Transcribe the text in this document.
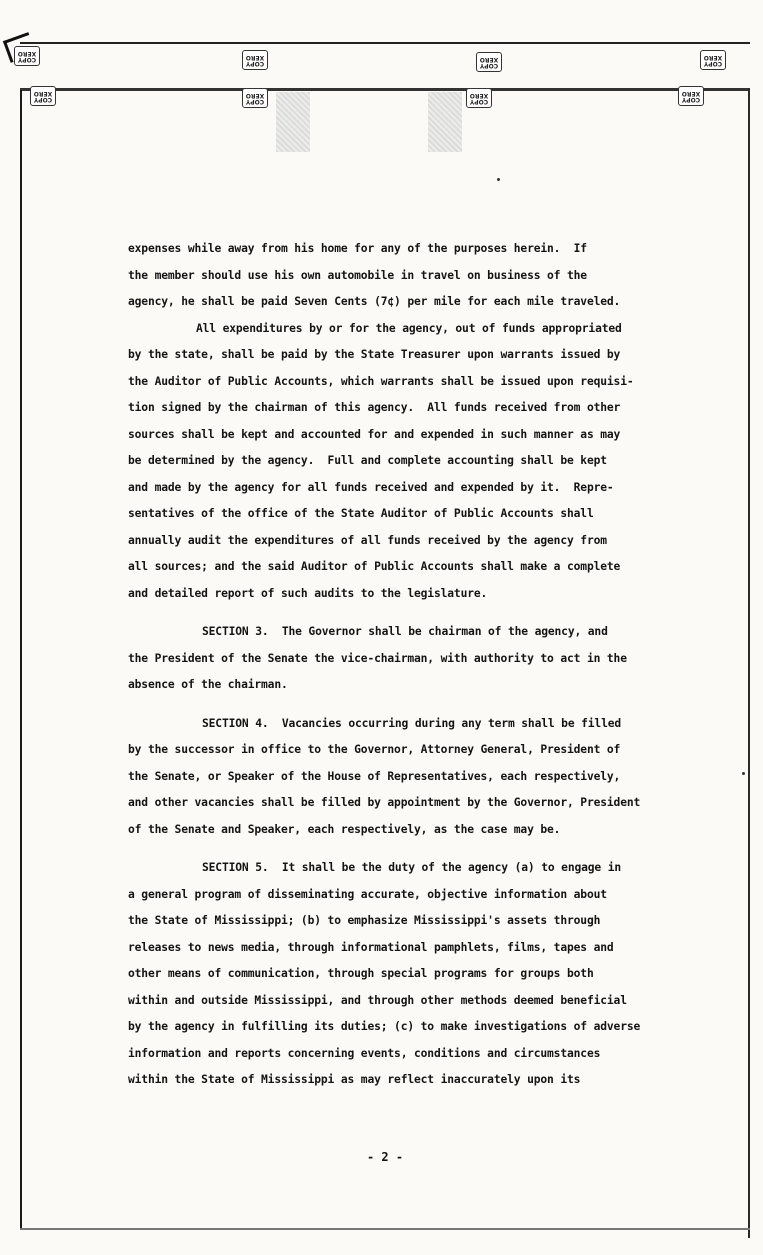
COPY
XERO
COPY
XERO
COPY
XERO
COPY
XERO
COPY
XERO
COPY
XERO
COPY
XERO
COPY
XERO
expenses while away from his home for any of the purposes herein.  If
the member should use his own automobile in travel on business of the
agency, he shall be paid Seven Cents (7¢) per mile for each mile traveled.
All expenditures by or for the agency, out of funds appropriated
by the state, shall be paid by the State Treasurer upon warrants issued by
the Auditor of Public Accounts, which warrants shall be issued upon requisi-
tion signed by the chairman of this agency.  All funds received from other
sources shall be kept and accounted for and expended in such manner as may
be determined by the agency.  Full and complete accounting shall be kept
and made by the agency for all funds received and expended by it.  Repre-
sentatives of the office of the State Auditor of Public Accounts shall
annually audit the expenditures of all funds received by the agency from
all sources; and the said Auditor of Public Accounts shall make a complete
and detailed report of such audits to the legislature.
SECTION 3.  The Governor shall be chairman of the agency, and
the President of the Senate the vice-chairman, with authority to act in the
absence of the chairman.
SECTION 4.  Vacancies occurring during any term shall be filled
by the successor in office to the Governor, Attorney General, President of
the Senate, or Speaker of the House of Representatives, each respectively,
and other vacancies shall be filled by appointment by the Governor, President
of the Senate and Speaker, each respectively, as the case may be.
SECTION 5.  It shall be the duty of the agency (a) to engage in
a general program of disseminating accurate, objective information about
the State of Mississippi; (b) to emphasize Mississippi's assets through
releases to news media, through informational pamphlets, films, tapes and
other means of communication, through special programs for groups both
within and outside Mississippi, and through other methods deemed beneficial
by the agency in fulfilling its duties; (c) to make investigations of adverse
information and reports concerning events, conditions and circumstances
within the State of Mississippi as may reflect inaccurately upon its
- 2 -
